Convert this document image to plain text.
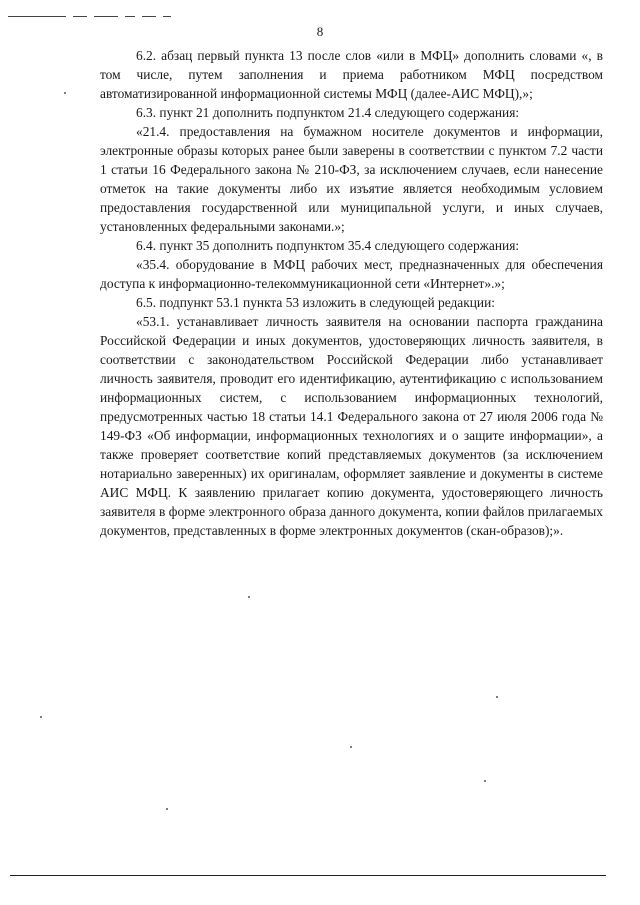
8

6.2. абзац первый пункта 13 после слов «или в МФЦ» дополнить словами «, в том числе, путем заполнения и приема работником МФЦ посредством автоматизированной информационной системы МФЦ (далее-АИС МФЦ),»;

6.3. пункт 21 дополнить подпунктом 21.4 следующего содержания:

«21.4. предоставления на бумажном носителе документов и информации, электронные образы которых ранее были заверены в соответствии с пунктом 7.2 части 1 статьи 16 Федерального закона № 210-ФЗ, за исключением случаев, если нанесение отметок на такие документы либо их изъятие является необходимым условием предоставления государственной или муниципальной услуги, и иных случаев, установленных федеральными законами.»;

6.4. пункт 35 дополнить подпунктом 35.4 следующего содержания:

«35.4. оборудование в МФЦ рабочих мест, предназначенных для обеспечения доступа к информационно-телекоммуникационной сети «Интернет».»;

6.5. подпункт 53.1 пункта 53 изложить в следующей редакции:

«53.1. устанавливает личность заявителя на основании паспорта гражданина Российской Федерации и иных документов, удостоверяющих личность заявителя, в соответствии с законодательством Российской Федерации либо устанавливает личность заявителя, проводит его идентификацию, аутентификацию с использованием информационных систем, с использованием информационных технологий, предусмотренных частью 18 статьи 14.1 Федерального закона от 27 июля 2006 года № 149-ФЗ «Об информации, информационных технологиях и о защите информации», а также проверяет соответствие копий представляемых документов (за исключением нотариально заверенных) их оригиналам, оформляет заявление и документы в системе АИС МФЦ. К заявлению прилагает копию документа, удостоверяющего личность заявителя в форме электронного образа данного документа, копии файлов прилагаемых документов, представленных в форме электронных документов (скан-образов);».
